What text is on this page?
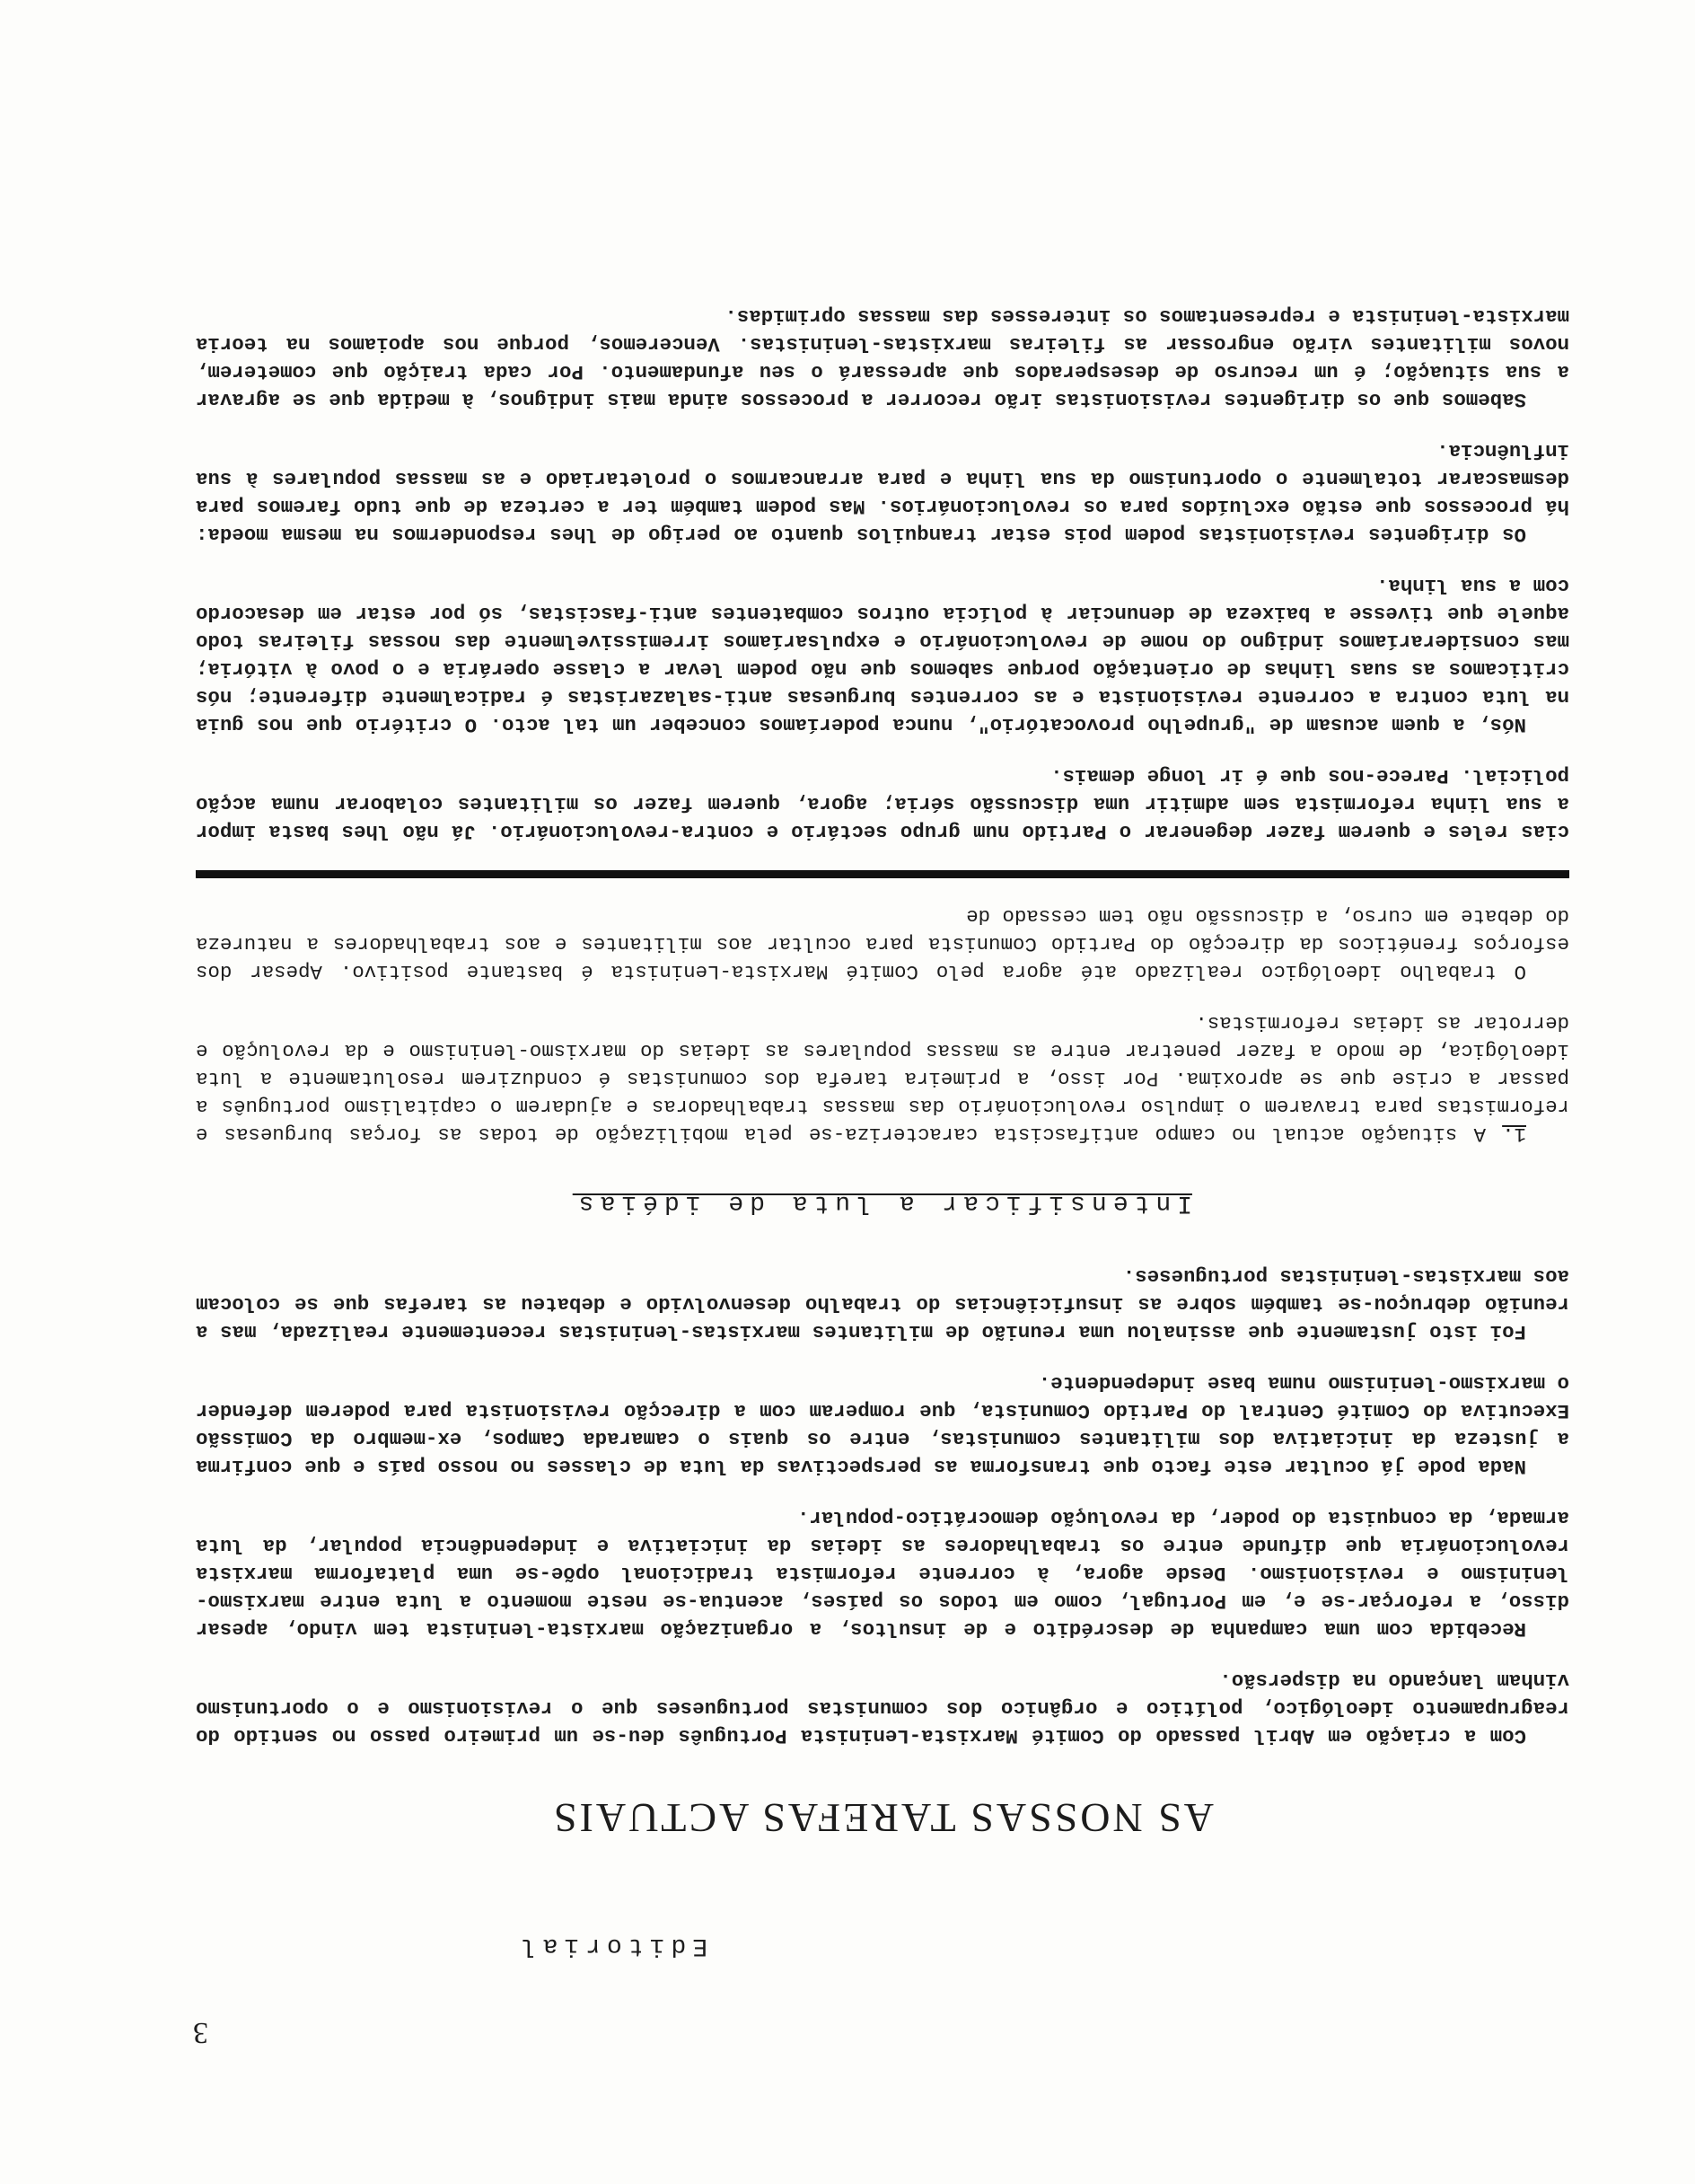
3
Editorial
AS NOSSAS TAREFAS ACTUAIS

Com a criação em Abril passado do Comité Marxista-Leninista Português deu-se um primeiro passo no sentido do reagrupamento ideológico, político e orgânico dos comunistas portugueses que o revisionismo e o oportunismo vinham lançando na dispersão.

Recebida com uma campanha de descrédito e de insultos, a organização marxista-leninista tem vindo, apesar disso, a reforçar-se e, em Portugal, como em todos os países, acentua-se neste momento a luta entre marxismo-leninismo e revisionismo. Desde agora, à corrente reformista tradicional opõe-se uma plataforma marxista revolucionária que difunde entre os trabalhadores as ideias da iniciativa e independência popular, da luta armada, da conquista do poder, da revolução democrático-popular.

Nada pode já ocultar este facto que transforma as perspectivas da luta de classes no nosso país e que confirma a justeza da iniciativa dos militantes comunistas, entre os quais o camarada Campos, ex-membro da Comissão Executiva do Comité Central do Partido Comunista, que romperam com a direcção revisionista para poderem defender o marxismo-leninismo numa base independente.

Foi isto justamente que assinalou uma reunião de militantes marxistas-leninistas recentemente realizada, mas a reunião debruçou-se também sobre as insuficiências do trabalho desenvolvido e debateu as tarefas que se colocam aos marxistas-leninistas portugueses.

Intensificar a luta de idéias

1. A situação actual no campo antifascista caracteriza-se pela mobilização de todas as forças burguesas e reformistas para travarem o impulso revolucionário das massas trabalhadoras e ajudarem o capitalismo português a passar a crise que se aproxima. Por isso, a primeira tarefa dos comunistas é conduzirem resolutamente a luta ideológica, de modo a fazer penetrar entre as massas populares as ideias do marxismo-leninismo e da revolução e derrotar as ideias reformistas.

O trabalho ideológico realizado até agora pelo Comité Marxista-Leninista é bastante positivo. Apesar dos esforços frenéticos da direcção do Partido Comunista para ocultar aos militantes e aos trabalhadores a natureza do debate em curso, a discussão não tem cessado de

cias reles e querem fazer degenerar o Partido num grupo sectário e contra-revolucionário. Já não lhes basta impor a sua linha reformista sem admitir uma discussão séria; agora, querem fazer os militantes colaborar numa acção policial. Parece-nos que é ir longe demais.

Nós, a quem acusam de "grupelho provocatório", nunca poderíamos conceber um tal acto. O critério que nos guia na luta contra a corrente revisionista e as correntes burguesas anti-salazaristas é radicalmente diferente; nós criticamos as suas linhas de orientação porque sabemos que não podem levar a classe operária e o povo à vitória; mas consideraríamos indigno do nome de revolucionário e expulsaríamos irremissivelmente das nossas fileiras todo aquele que tivesse a baixeza de denunciar à polícia outros combatentes anti-fascistas, só por estar em desacordo com a sua linha.

Os dirigentes revisionistas podem pois estar tranquilos quanto ao perigo de lhes respondermos na mesma moeda: há processos que estão excluídos para os revolucionários. Mas podem também ter a certeza de que tudo faremos para desmascarar totalmente o oportunismo da sua linha e para arrancarmos o proletariado e as massas populares à sua influência.

Sabemos que os dirigentes revisionistas irão recorrer a processos ainda mais indignos, à medida que se agravar a sua situação; é um recurso de desesperados que apressará o seu afundamento. Por cada traição que cometerem, novos militantes virão engrossar as fileiras marxistas-leninistas. Venceremos, porque nos apoiamos na teoria marxista-leninista e representamos os interesses das massas oprimidas.
